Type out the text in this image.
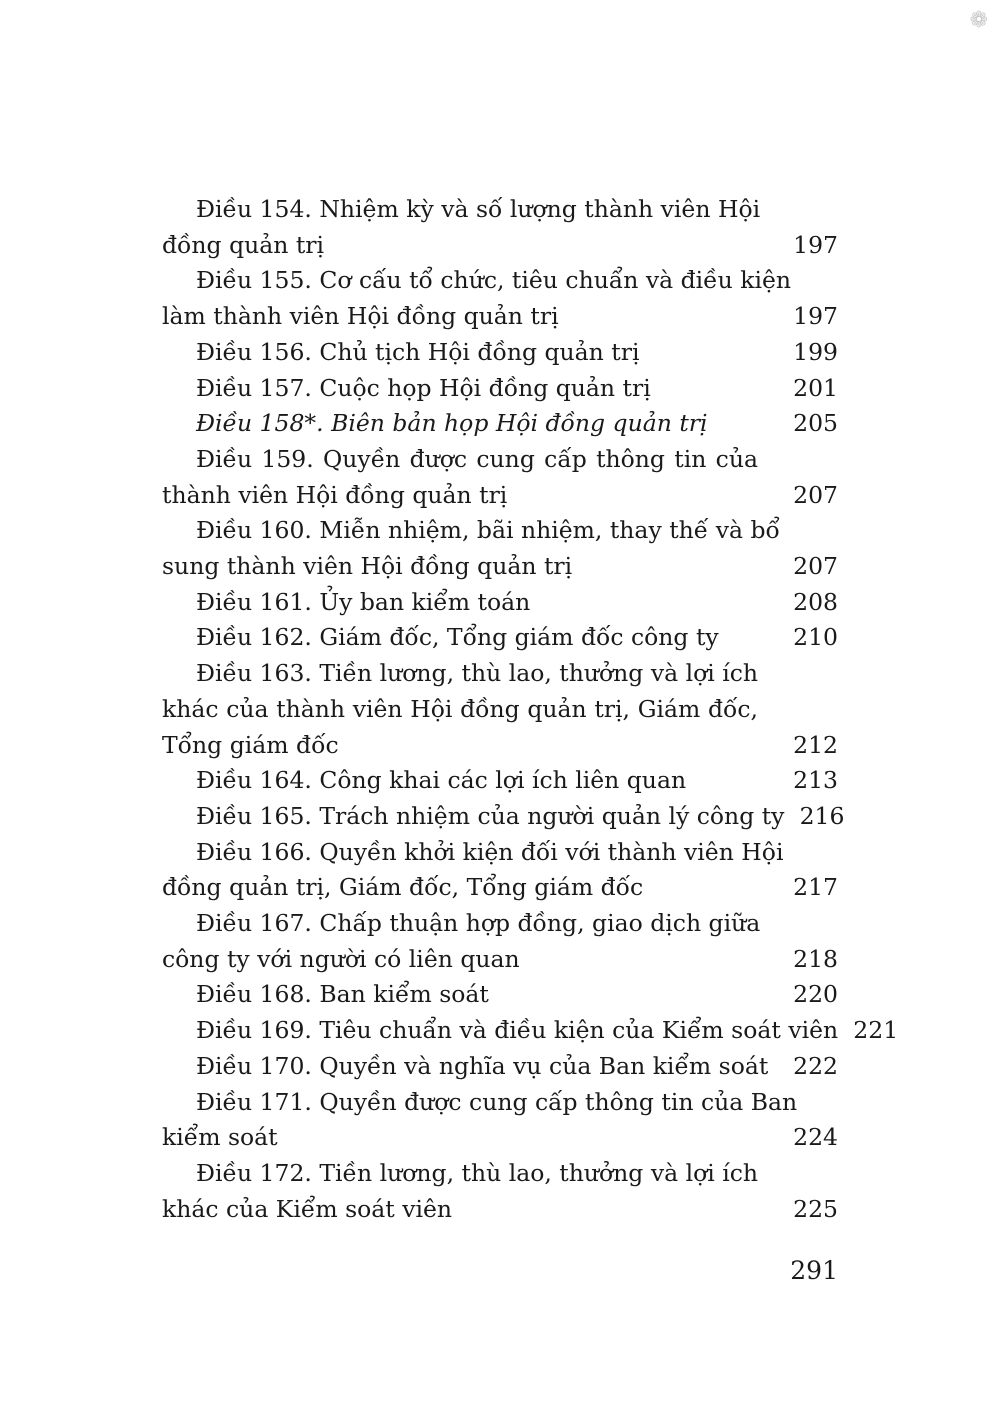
❁
Điều 154. Nhiệm kỳ và số lượng thành viên Hội
đồng quản trị	197
Điều 155. Cơ cấu tổ chức, tiêu chuẩn và điều kiện
làm thành viên Hội đồng quản trị	197
Điều 156. Chủ tịch Hội đồng quản trị	199
Điều 157. Cuộc họp Hội đồng quản trị	201
Điều 158*. Biên bản họp Hội đồng quản trị	205
Điều 159. Quyền được cung cấp thông tin của
thành viên Hội đồng quản trị	207
Điều 160. Miễn nhiệm, bãi nhiệm, thay thế và bổ
sung thành viên Hội đồng quản trị	207
Điều 161. Ủy ban kiểm toán	208
Điều 162. Giám đốc, Tổng giám đốc công ty	210
Điều 163. Tiền lương, thù lao, thưởng và lợi ích
khác của thành viên Hội đồng quản trị, Giám đốc,
Tổng giám đốc	212
Điều 164. Công khai các lợi ích liên quan	213
Điều 165. Trách nhiệm của người quản lý công ty 216
Điều 166. Quyền khởi kiện đối với thành viên Hội
đồng quản trị, Giám đốc, Tổng giám đốc	217
Điều 167. Chấp thuận hợp đồng, giao dịch giữa
công ty với người có liên quan	218
Điều 168. Ban kiểm soát	220
Điều 169. Tiêu chuẩn và điều kiện của Kiểm soát viên 221
Điều 170. Quyền và nghĩa vụ của Ban kiểm soát	222
Điều 171. Quyền được cung cấp thông tin của Ban
kiểm soát	224
Điều 172. Tiền lương, thù lao, thưởng và lợi ích
khác của Kiểm soát viên	225
291
